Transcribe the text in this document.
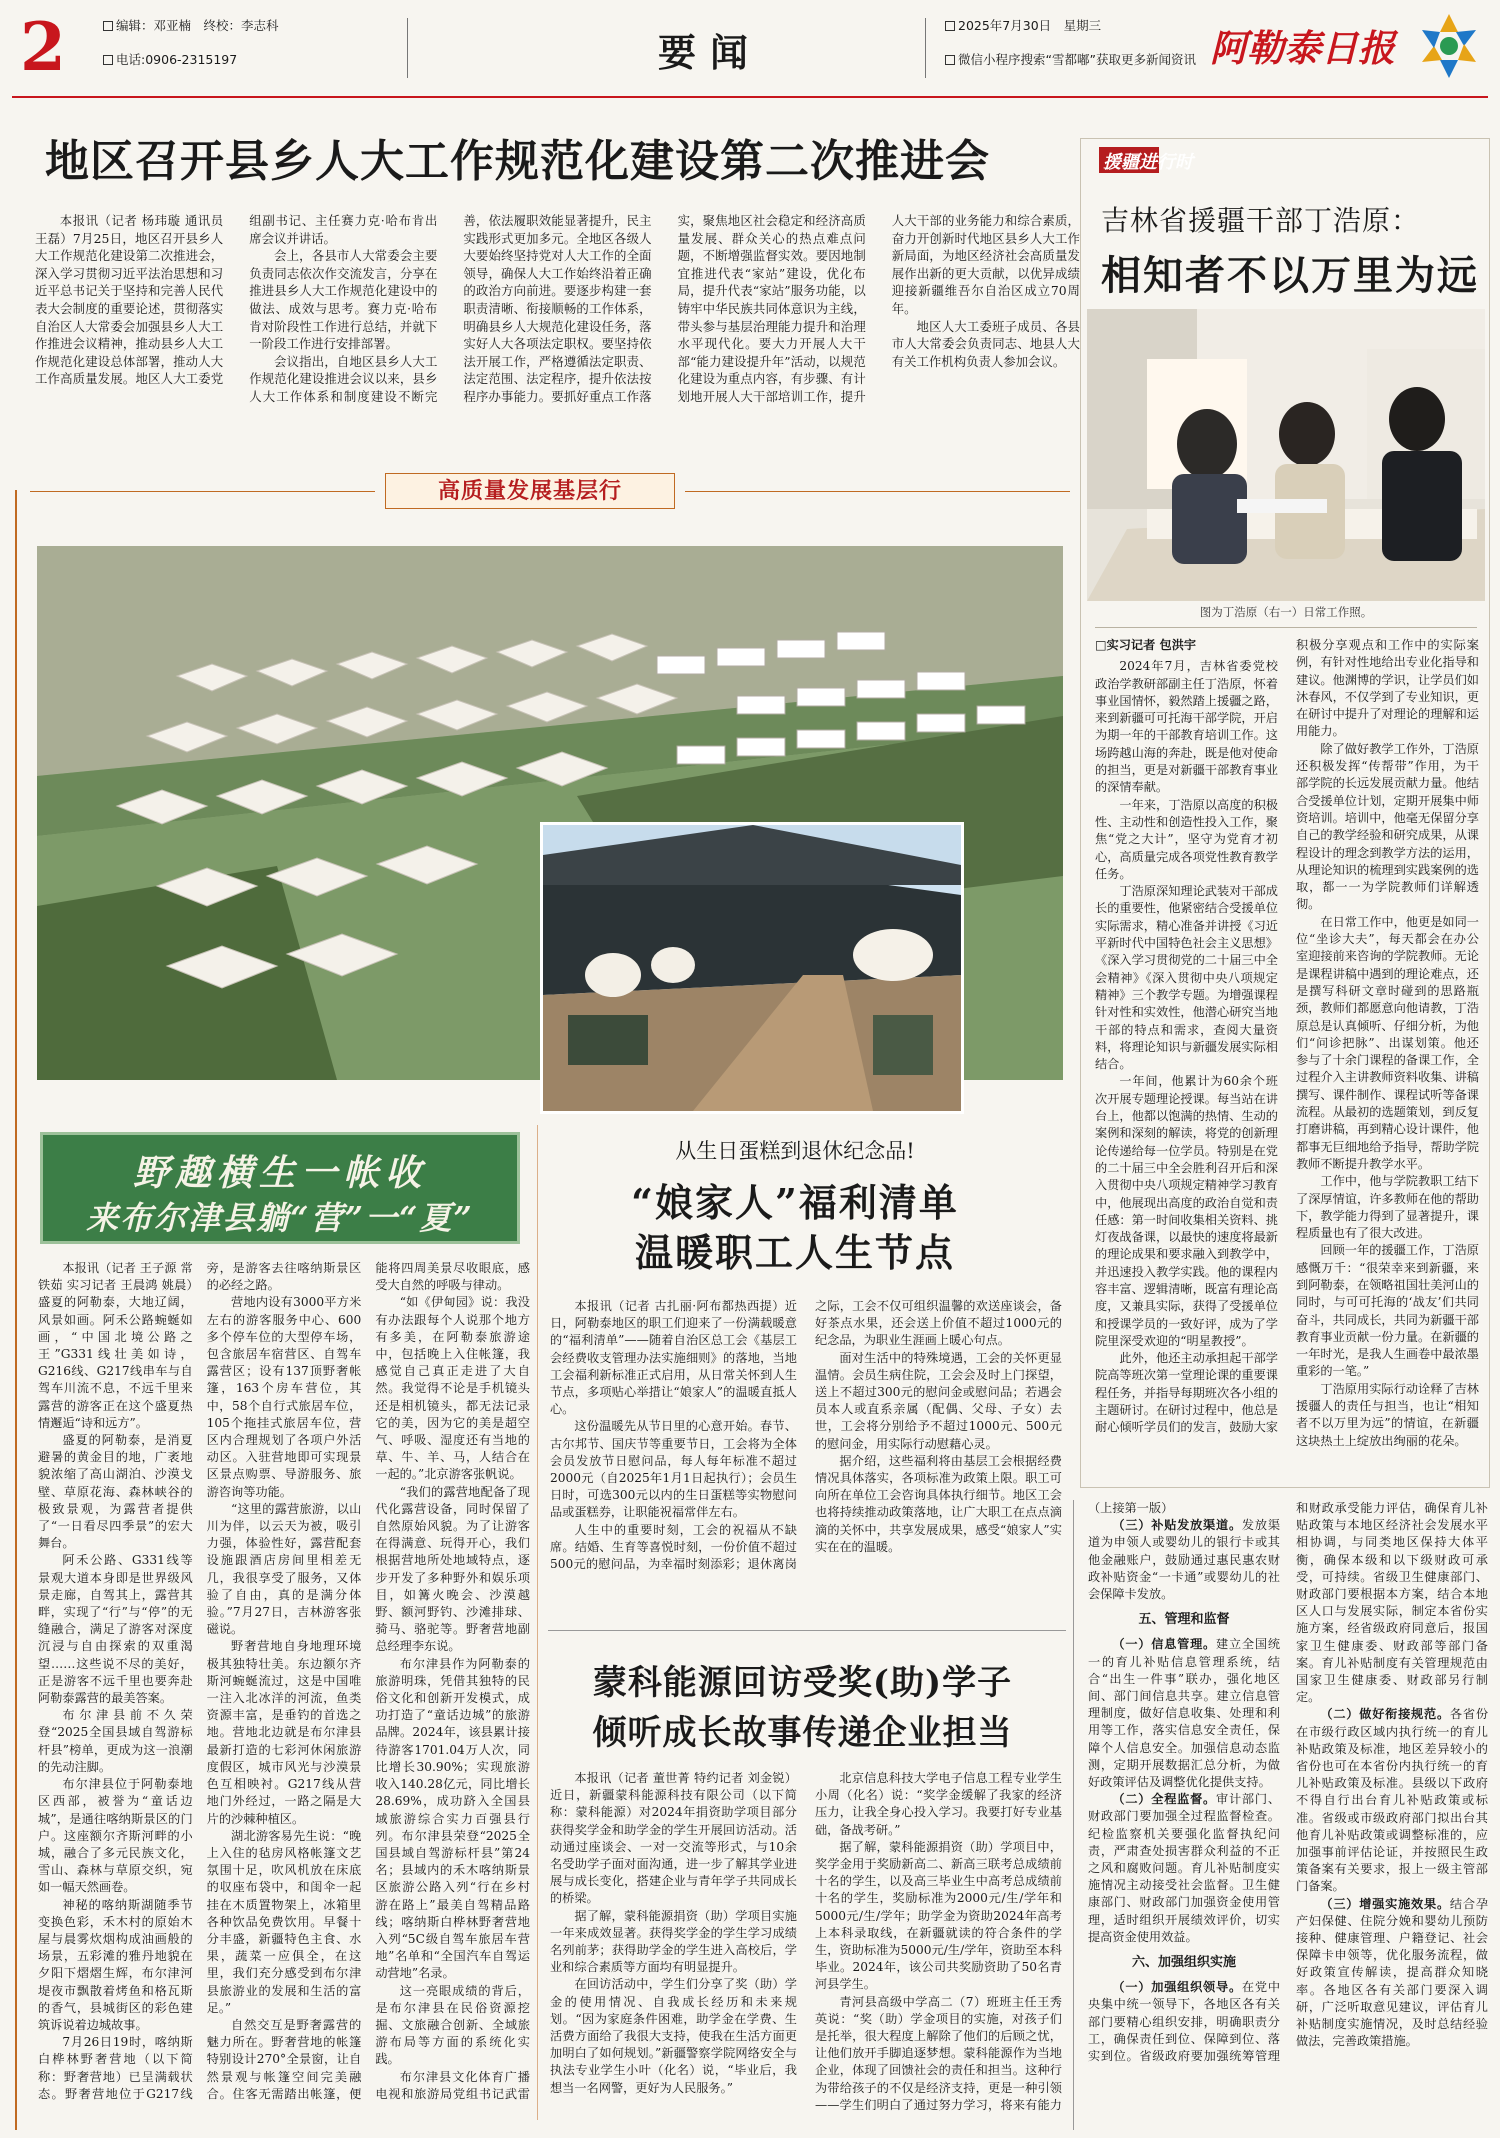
2	编辑：邓亚楠　终校：李志科
电话:0906-2315197	要闻
2025年7月30日　星期三
微信小程序搜索“雪都嘟”获取更多新闻资讯 阿勒泰日报
地区召开县乡人大工作规范化建设第二次推进会

本报讯（记者 杨玮璇 通讯员 王磊）7月25日，地区召开县乡人大工作规范化建设第二次推进会，深入学习贯彻习近平法治思想和习近平总书记关于坚持和完善人民代表大会制度的重要论述，贯彻落实自治区人大常委会加强县乡人大工作推进会议精神，推动县乡人大工作规范化建设总体部署，推动人大工作高质量发展。地区人大工委党组副书记、主任赛力克·哈布肯出席会议并讲话。

会上，各县市人大常委会主要负责同志依次作交流发言，分享在推进县乡人大工作规范化建设中的做法、成效与思考。赛力克·哈布肯对阶段性工作进行总结，并就下一阶段工作进行安排部署。

会议指出，自地区县乡人大工作规范化建设推进会议以来，县乡人大工作体系和制度建设不断完善，依法履职效能显著提升，民主实践形式更加多元。全地区各级人大要始终坚持党对人大工作的全面领导，确保人大工作始终沿着正确的政治方向前进。要逐步构建一套职责清晰、衔接顺畅的工作体系，明确县乡人大规范化建设任务，落实好人大各项法定职权。要坚持依法开展工作，严格遵循法定职责、法定范围、法定程序，提升依法按程序办事能力。要抓好重点工作落实，聚焦地区社会稳定和经济高质量发展、群众关心的热点难点问题，不断增强监督实效。要因地制宜推进代表“家站”建设，优化布局，提升代表“家站”服务功能，以铸牢中华民族共同体意识为主线，带头参与基层治理能力提升和治理水平现代化。要大力开展人大干部“能力建设提升年”活动，以规范化建设为重点内容，有步骤、有计划地开展人大干部培训工作，提升人大干部的业务能力和综合素质，奋力开创新时代地区县乡人大工作新局面，为地区经济社会高质量发展作出新的更大贡献，以优异成绩迎接新疆维吾尔自治区成立70周年。

地区人大工委班子成员、各县市人大常委会负责同志、地县人大有关工作机构负责人参加会议。

援疆进行时
吉林省援疆干部丁浩原：
相知者不以万里为远
图为丁浩原（右一）日常工作照。
□实习记者 包洪宇

2024年7月，吉林省委党校政治学教研部副主任丁浩原，怀着事业国情怀，毅然踏上援疆之路，来到新疆可可托海干部学院，开启为期一年的干部教育培训工作。这场跨越山海的奔赴，既是他对使命的担当，更是对新疆干部教育事业的深情奉献。

一年来，丁浩原以高度的积极性、主动性和创造性投入工作，聚焦“党之大计”，坚守为党育才初心，高质量完成各项党性教育教学任务。

丁浩原深知理论武装对干部成长的重要性，他紧密结合受援单位实际需求，精心准备并讲授《习近平新时代中国特色社会主义思想》《深入学习贯彻党的二十届三中全会精神》《深入贯彻中央八项规定精神》三个教学专题。为增强课程针对性和实效性，他潜心研究当地干部的特点和需求，查阅大量资料，将理论知识与新疆发展实际相结合。

一年间，他累计为60余个班次开展专题理论授课。每当站在讲台上，他都以饱满的热情、生动的案例和深刻的解读，将党的创新理论传递给每一位学员。特别是在党的二十届三中全会胜利召开后和深入贯彻中央八项规定精神学习教育中，他展现出高度的政治自觉和责任感：第一时间收集相关资料、挑灯夜战备课，以最快的速度将最新的理论成果和要求融入到教学中，并迅速投入教学实践。他的课程内容丰富、逻辑清晰，既富有理论高度，又兼具实际，获得了受援单位和授课学员的一致好评，成为了学院里深受欢迎的“明星教授”。

此外，他还主动承担起干部学院高等班次第一堂理论课的重要课程任务，并指导每期班次各小组的主题研讨。在研讨过程中，他总是耐心倾听学员们的发言，鼓励大家积极分享观点和工作中的实际案例，有针对性地给出专业化指导和建议。他渊博的学识，让学员们如沐春风，不仅学到了专业知识，更在研讨中提升了对理论的理解和运用能力。

除了做好教学工作外，丁浩原还积极发挥“传帮带”作用，为干部学院的长远发展贡献力量。他结合受援单位计划，定期开展集中师资培训。培训中，他毫无保留分享自己的教学经验和研究成果，从课程设计的理念到教学方法的运用，从理论知识的梳理到实践案例的选取，都一一为学院教师们详解透彻。

在日常工作中，他更是如同一位“坐诊大夫”，每天都会在办公室迎接前来咨询的学院教师。无论是课程讲稿中遇到的理论难点，还是撰写科研文章时碰到的思路瓶颈，教师们都愿意向他请教，丁浩原总是认真倾听、仔细分析，为他们“问诊把脉”、出谋划策。他还参与了十余门课程的备课工作，全过程介入主讲教师资料收集、讲稿撰写、课件制作、课程试听等备课流程。从最初的选题策划，到反复打磨讲稿，再到精心设计课件，他都事无巨细地给予指导，帮助学院教师不断提升教学水平。

工作中，他与学院教职工结下了深厚情谊，许多教师在他的帮助下，教学能力得到了显著提升，课程质量也有了很大改进。

回顾一年的援疆工作，丁浩原感慨万千：“很荣幸来到新疆，来到阿勒泰，在领略祖国壮美河山的同时，与可可托海的‘战友’们共同奋斗，共同成长，共同为新疆干部教育事业贡献一份力量。在新疆的一年时光，是我人生画卷中最浓墨重彩的一笔。”

丁浩原用实际行动诠释了吉林援疆人的责任与担当，也让“相知者不以万里为远”的情谊，在新疆这块热土上绽放出绚丽的花朵。

高质量发展基层行
野趣横生一帐收
来布尔津县躺“营”一“夏”

本报讯（记者 王子源 常铁茹 实习记者 王晨鸿 姚晨）盛夏的阿勒泰，大地辽阔，风景如画。阿禾公路蜿蜒如画，“中国北境公路之王”G331线壮美如诗，G216线、G217线串车与自驾车川流不息，不远千里来露营的游客正在这个盛夏热情邂逅“诗和远方”。

盛夏的阿勒泰，是消夏避暑的黄金目的地，广袤地貌浓缩了高山湖泊、沙漠戈壁、草原花海、森林峡谷的极致景观，为露营者提供了“一日看尽四季景”的宏大舞台。

阿禾公路、G331线等景观大道本身即是世界级风景走廊，自驾其上，露营其畔，实现了“行”与“停”的无缝融合，满足了游客对深度沉浸与自由探索的双重渴望……这些说不尽的美好，正是游客不远千里也要奔赴阿勒泰露营的最美答案。

布尔津县前不久荣登“2025全国县域自驾游标杆县”榜单，更成为这一浪潮的先动注脚。

布尔津县位于阿勒泰地区西部，被誉为“童话边城”，是通往喀纳斯景区的门户。这座额尔齐斯河畔的小城，融合了多元民族文化，雪山、森林与草原交织，宛如一幅天然画卷。

神秘的喀纳斯湖随季节变换色彩，禾木村的原始木屋与晨雾炊烟构成油画般的场景，五彩滩的雅丹地貌在夕阳下熠熠生辉，布尔津河堤夜市飘散着烤鱼和格瓦斯的香气，县城街区的彩色建筑诉说着边城故事。

7月26日19时，喀纳斯白桦林野奢营地（以下简称：野奢营地）已呈满载状态。野奢营地位于G217线旁，是游客去往喀纳斯景区的必经之路。

营地内设有3000平方米左右的游客服务中心、600多个停车位的大型停车场，包含旅居车宿营区、自驾车露营区；设有137顶野奢帐篷，163个房车营位，其中，58个自行式旅居车位，105个拖挂式旅居车位，营区内合理规划了各项户外活动区。入驻营地即可实现景区景点购票、导游服务、旅游咨询等功能。

“这里的露营旅游，以山川为伴，以云天为被，吸引力强，体验性好，露营配套设施跟酒店房间里相差无几，我很享受了服务，又体验了自由，真的是满分体验。”7月27日，吉林游客张磁说。

野奢营地自身地理环境极其独特壮美。东边额尔齐斯河蜿蜒流过，这是中国唯一注入北冰洋的河流，鱼类资源丰富，是垂钓的首选之地。营地北边就是布尔津县最新打造的七彩河休闲旅游度假区，城市风光与沙漠景色互相映衬。G217线从营地门外经过，一路之隔是大片的沙棘种植区。

湖北游客易先生说：“晚上入住的毡房风格帐篷文艺氛围十足，吹风机放在床底的収座布袋中，和闺伞一起挂在木质置物架上，冰箱里各种饮品免费饮用。早餐十分丰盛，新疆特色主食、水果，蔬菜一应俱全，在这里，我们充分感受到布尔津县旅游业的发展和生活的富足。”

自然交互是野奢露营的魅力所在。野奢营地的帐篷特别设计270°全景窗，让自然景观与帐篷空间完美融合。住客无需踏出帐篷，便能将四周美景尽收眼底，感受大自然的呼吸与律动。

“如《伊甸园》说：我没有办法跟每个人说那个地方有多美，在阿勒泰旅游途中，包括晚上入住帐篷，我感觉自己真正走进了大自然。我觉得不论是手机镜头还是相机镜头，都无法记录它的美，因为它的美是超空气、呼吸、湿度还有当地的草、牛、羊、马，人结合在一起的。”北京游客张帆说。

“我们的露营地配备了现代化露营设备，同时保留了自然原始风貌。为了让游客在得满意、玩得开心，我们根据营地所处地域特点，逐步开发了多种野外和娱乐项目，如篝火晚会、沙漠越野、额河野钓、沙滩排球、骑马、骆驼等。野奢营地副总经理李东说。

布尔津县作为阿勒泰的旅游明珠，凭借其独特的民俗文化和创新开发模式，成功打造了“童话边城”的旅游品牌。2024年，该县累计接待游客1701.04万人次，同比增长30.90%；实现旅游收入140.28亿元，同比增长28.69%，成功跻入全国县域旅游综合实力百强县行列。布尔津县荣登“2025全国县域自驾游标杆县”第24名；县域内的禾木喀纳斯景区旅游公路入列“行在乡村 游在路上”最美自驾精品路线；喀纳斯白桦林野奢营地入列“5C级自驾车旅居车营地”名单和“全国汽车自驾运动营地”名录。

这一亮眼成绩的背后，是布尔津县在民俗资源挖掘、文旅融合创新、全域旅游布局等方面的系统化实践。

布尔津县文化体育广播电视和旅游局党组书记武雷

从生日蛋糕到退休纪念品!
“娘家人”福利清单
温暖职工人生节点

本报讯（记者 古扎丽·阿布都热西提）近日，阿勒泰地区的职工们迎来了一份满载暖意的“福利清单”——随着自治区总工会《基层工会经费收支管理办法实施细则》的落地，当地工会福利新标准正式启用，从日常关怀到人生节点，多项贴心举措让“娘家人”的温暖直抵人心。

这份温暖先从节日里的心意开始。春节、古尔邦节、国庆节等重要节日，工会将为全体会员发放节日慰问品，每人每年标准不超过2000元（自2025年1月1日起执行）；会员生日时，可选300元以内的生日蛋糕等实物慰问品或蛋糕券，让职能祝福常伴左右。

人生中的重要时刻，工会的祝福从不缺席。结婚、生育等喜悦时刻，一份价值不超过500元的慰问品，为幸福时刻添彩；退休离岗之际，工会不仅可组织温馨的欢送座谈会，备好茶点水果，还会送上价值不超过1000元的纪念品，为职业生涯画上暖心句点。

面对生活中的特殊境遇，工会的关怀更显温情。会员生病住院，工会会及时上门探望，送上不超过300元的慰问金或慰问品；若遇会员本人或直系亲属（配偶、父母、子女）去世，工会将分别给予不超过1000元、500元的慰问金，用实际行动慰藉心灵。

据介绍，这些福利将由基层工会根据经费情况具体落实，各项标准为政策上限。职工可向所在单位工会咨询具体执行细节。地区工会也将持续推动政策落地，让广大职工在点点滴滴的关怀中，共享发展成果，感受“娘家人”实实在在的温暖。

蒙科能源回访受奖(助)学子
倾听成长故事传递企业担当

本报讯（记者 董世菁 特约记者 刘金锐）近日，新疆蒙科能源科技有限公司（以下简称：蒙科能源）对2024年捐资助学项目部分获得奖学金和助学金的学生开展回访活动。活动通过座谈会、一对一交流等形式，与10余名受助学子面对面沟通，进一步了解其学业进展与成长变化，搭建企业与青年学子共同成长的桥梁。

据了解，蒙科能源捐资（助）学项目实施一年来成效显著。获得奖学金的学生学习成绩名列前茅；获得助学金的学生进入高校后，学业和综合素质等方面均有明显提升。

在回访活动中，学生们分享了奖（助）学金的使用情况、自我成长经历和未来规划。“因为家庭条件困难，助学金在学费、生活费方面给了我很大支持，使我在生活方面更加明白了如何规划。”新疆警察学院网络安全与执法专业学生小叶（化名）说，“毕业后，我想当一名网警，更好为人民服务。”

北京信息科技大学电子信息工程专业学生小周（化名）说：“奖学金缓解了我家的经济压力，让我全身心投入学习。我要打好专业基础，备战考研。”

据了解，蒙科能源捐资（助）学项目中，奖学金用于奖励新高二、新高三联考总成绩前十名的学生，以及高三毕业生中高考总成绩前十名的学生，奖励标准为2000元/生/学年和5000元/生/学年；助学金为资助2024年高考上本科录取线，在新疆就读的符合条件的学生，资助标准为5000元/生/学年，资助至本科毕业。2024年，该公司共奖励资助了50名青河县学生。

青河县高级中学高二（7）班班主任王秀英说：“奖（助）学金项目的实施，对孩子们是托举，很大程度上解除了他们的后顾之忧，让他们放开手脚追逐梦想。蒙科能源作为当地企业，体现了回馈社会的责任和担当。这种行为带给孩子的不仅是经济支持，更是一种引领——学生们明白了通过努力学习，将来有能力

（上接第一版）

（三）补贴发放渠道。发放渠道为申领人或婴幼儿的银行卡或其他金融账户，鼓励通过惠民惠农财政补贴资金“一卡通”或婴幼儿的社会保障卡发放。

五、管理和监督

（一）信息管理。建立全国统一的育儿补贴信息管理系统，结合“出生一件事”联办，强化地区间、部门间信息共享。建立信息管理制度，做好信息收集、处理和利用等工作，落实信息安全责任，保障个人信息安全。加强信息动态监测，定期开展数据汇总分析，为做好政策评估及调整优化提供支持。

（二）全程监督。审计部门、财政部门要加强全过程监督检查。纪检监察机关要强化监督执纪问责，严肃查处损害群众利益的不正之风和腐败问题。育儿补贴制度实施情况主动接受社会监督。卫生健康部门、财政部门加强资金使用管理，适时组织开展绩效评价，切实提高资金使用效益。

六、加强组织实施

（一）加强组织领导。在党中央集中统一领导下，各地区各有关部门要精心组织安排，明确职责分工，确保责任到位、保障到位、落实到位。省级政府要加强统筹管理和财政承受能力评估，确保育儿补贴政策与本地区经济社会发展水平相协调，与同类地区保持大体平衡，确保本级和以下级财政可承受，可持续。省级卫生健康部门、财政部门要根据本方案，结合本地区人口与发展实际，制定本省份实施方案，经省级政府同意后，报国家卫生健康委、财政部等部门备案。育儿补贴制度有关管理规范由国家卫生健康委、财政部另行制定。

（二）做好衔接规范。各省份在市级行政区域内执行统一的育儿补贴政策及标准，地区差异较小的省份也可在本省份内执行统一的育儿补贴政策及标准。县级以下政府不得自行出台育儿补贴政策或标准。省级或市级政府部门拟出台其他育儿补贴政策或调整标准的，应加强事前评估论证，并按照民生政策备案有关要求，报上一级主管部门备案。

（三）增强实施效果。结合孕产妇保健、住院分娩和婴幼儿预防接种、健康管理、户籍登记、社会保障卡申领等，优化服务流程，做好政策宣传解读，提高群众知晓率。各地区各有关部门要深入调研，广泛听取意见建议，评估育儿补贴制度实施情况，及时总结经验做法，完善政策措施。
